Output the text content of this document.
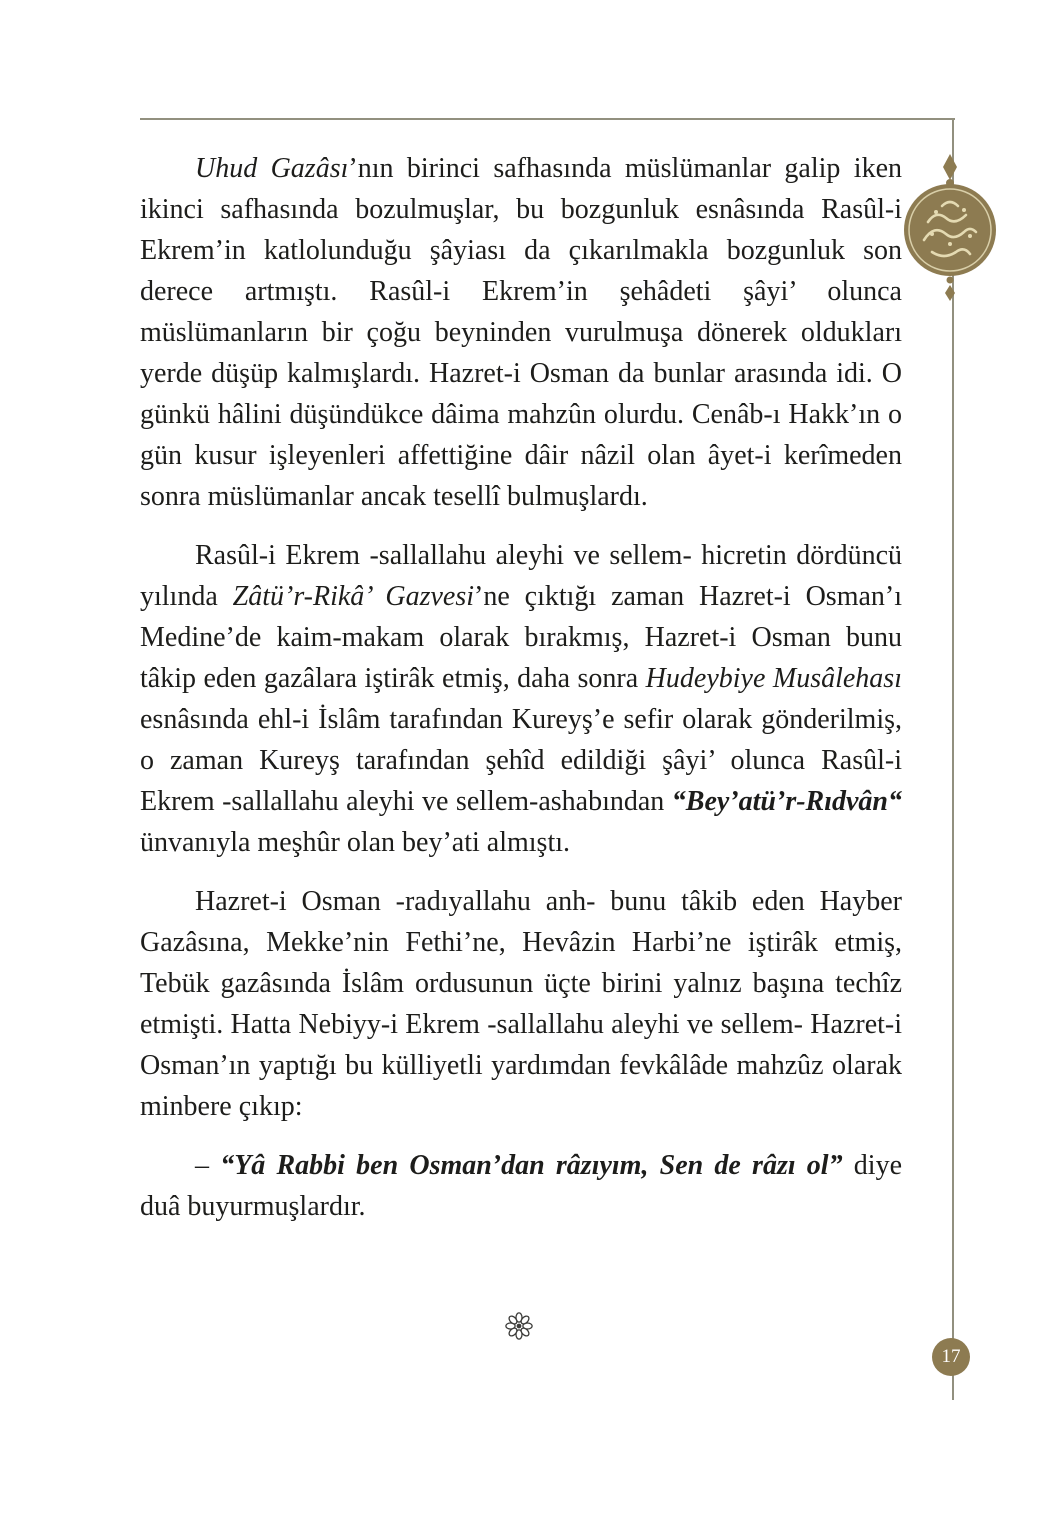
Uhud Gazâsı’nın birinci safhasında müslümanlar galip iken ikinci safhasında bozulmuşlar, bu bozgunluk esnâsında Rasûl-i Ekrem’in katlolunduğu şâyiası da çıkarılmakla bozgunluk son derece artmıştı. Rasûl-i Ekrem’in şehâdeti şâyi’ olunca müslümanların bir çoğu beyninden vurulmuşa dönerek oldukları yerde düşüp kalmışlardı. Hazret-i Osman da bunlar arasında idi. O günkü hâlini düşündükce dâima mahzûn olurdu. Cenâb-ı Hakk’ın o gün kusur işleyenleri affettiğine dâir nâzil olan âyet-i kerîmeden sonra müslümanlar ancak tesellî bulmuşlardı.

Rasûl-i Ekrem -sallallahu aleyhi ve sellem- hicretin dördüncü yılında Zâtü’r-Rikâ’ Gazvesi’ne çıktığı zaman Hazret-i Osman’ı Medine’de kaim-makam olarak bırakmış, Hazret-i Osman bunu tâkip eden gazâlara iştirâk etmiş, daha sonra Hudeybiye Musâlehası esnâsında ehl-i İslâm tarafından Kureyş’e sefir olarak gönderilmiş, o zaman Kureyş tarafından şehîd edildiği şâyi’ olunca Rasûl-i Ekrem -sallallahu aleyhi ve sellem-ashabından “Bey’atü’r-Rıdvân“ ünvanıyla meşhûr olan bey’ati almıştı.

Hazret-i Osman -radıyallahu anh- bunu tâkib eden Hayber Gazâsına, Mekke’nin Fethi’ne, Hevâzin Harbi’ne iştirâk etmiş, Tebük gazâsında İslâm ordusunun üçte birini yalnız başına techîz etmişti. Hatta Nebiyy-i Ekrem -sallallahu aleyhi ve sellem- Hazret-i Osman’ın yaptığı bu külliyetli yardımdan fevkâlâde mahzûz olarak minbere çıkıp:

– “Yâ Rabbi ben Osman’dan râzıyım, Sen de râzı ol” diye duâ buyurmuşlardır.

17
